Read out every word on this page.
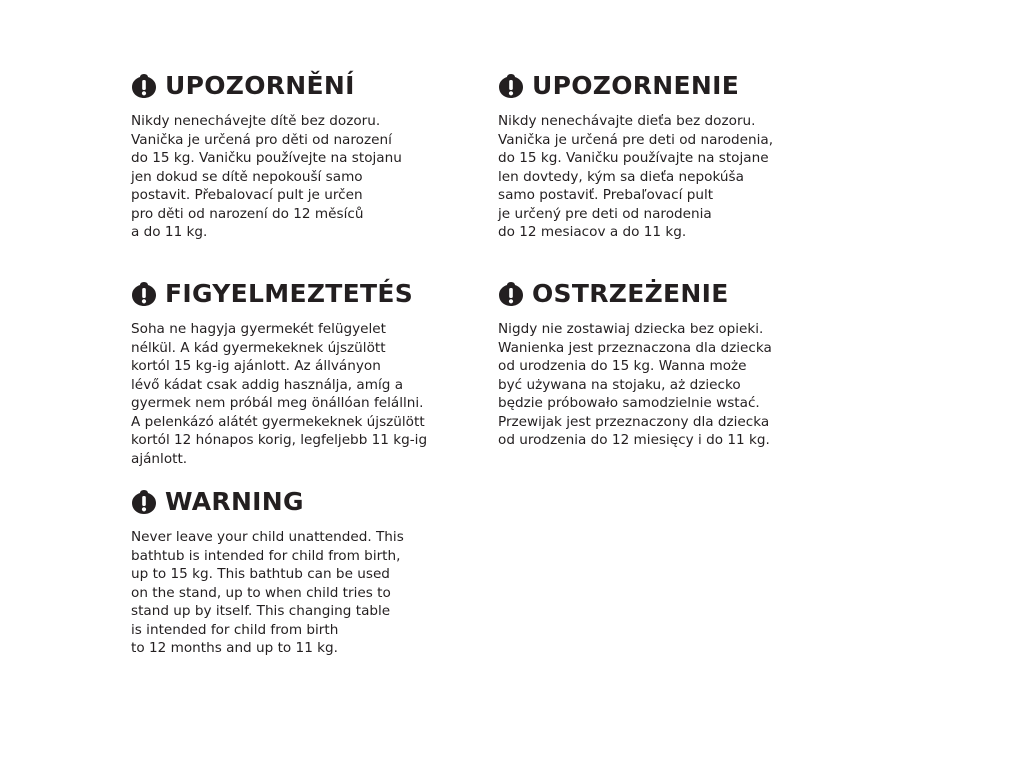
UPOZORNĚNÍ
Nikdy nenechávejte dítě bez dozoru.
Vanička je určená pro děti od narození
do 15 kg. Vaničku používejte na stojanu
jen dokud se dítě nepokouší samo
postavit. Přebalovací pult je určen
pro děti od narození do 12 měsíců
a do 11 kg.
UPOZORNENIE
Nikdy nenechávajte dieťa bez dozoru.
Vanička je určená pre deti od narodenia,
do 15 kg. Vaničku používajte na stojane
len dovtedy, kým sa dieťa nepokúša
samo postaviť. Prebaľovací pult
je určený pre deti od narodenia
do 12 mesiacov a do 11 kg.
FIGYELMEZTETÉS
Soha ne hagyja gyermekét felügyelet
nélkül. A kád gyermekeknek újszülött
kortól 15 kg-ig ajánlott. Az állványon
lévő kádat csak addig használja, amíg a
gyermek nem próbál meg önállóan felállni.
A pelenkázó alátét gyermekeknek újszülött
kortól 12 hónapos korig, legfeljebb 11 kg-ig
ajánlott.
OSTRZEŻENIE
Nigdy nie zostawiaj dziecka bez opieki.
Wanienka jest przeznaczona dla dziecka
od urodzenia do 15 kg. Wanna może
być używana na stojaku, aż dziecko
będzie próbowało samodzielnie wstać.
Przewijak jest przeznaczony dla dziecka
od urodzenia do 12 miesięcy i do 11 kg.
WARNING
Never leave your child unattended. This
bathtub is intended for child from birth,
up to 15 kg. This bathtub can be used
on the stand, up to when child tries to
stand up by itself. This changing table
is intended for child from birth
to 12 months and up to 11 kg.
